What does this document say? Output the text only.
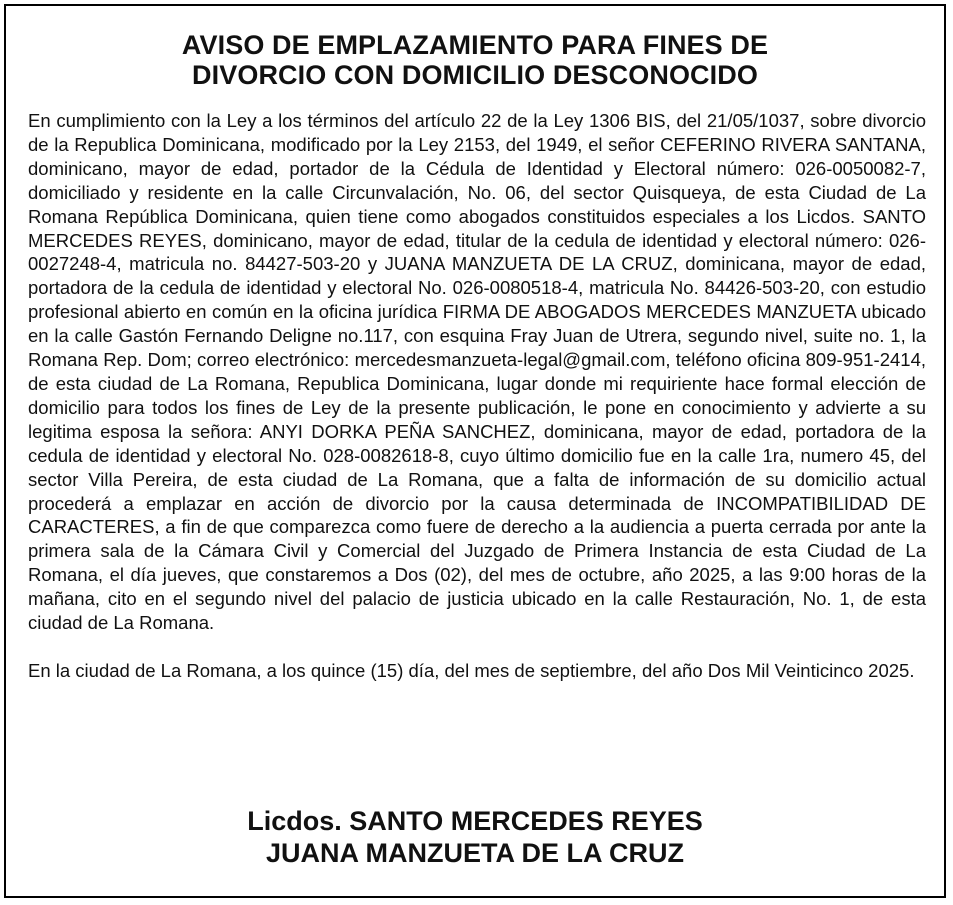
AVISO DE EMPLAZAMIENTO PARA FINES DE
DIVORCIO CON DOMICILIO DESCONOCIDO

En cumplimiento con la Ley a los términos del artículo 22 de la Ley 1306 BIS, del 21/05/1037, sobre divorcio de la Republica Dominicana, modificado por la Ley 2153, del 1949, el señor CEFERINO RIVERA SANTANA, dominicano, mayor de edad, portador de la Cédula de Identidad y Electoral número: 026-0050082-7, domiciliado y residente en la calle Circunvalación, No. 06, del sector Quisqueya, de esta Ciudad de La Romana República Dominicana, quien tiene como abogados constituidos especiales a los Licdos. SANTO MERCEDES REYES, dominicano, mayor de edad, titular de la cedula de identidad y electoral número: 026-0027248-4, matricula no. 84427-503-20 y JUANA MANZUETA DE LA CRUZ, dominicana, mayor de edad, portadora de la cedula de identidad y electoral No. 026-0080518-4, matricula No. 84426-503-20, con estudio profesional abierto en común en la oficina jurídica FIRMA DE ABOGADOS MERCEDES MANZUETA ubicado en la calle Gastón Fernando Deligne no.117, con esquina Fray Juan de Utrera, segundo nivel, suite no. 1, la Romana Rep. Dom; correo electrónico: mercedesmanzueta-legal@gmail.com, teléfono oficina 809-951-2414, de esta ciudad de La Romana, Republica Dominicana, lugar donde mi requiriente hace formal elección de domicilio para todos los fines de Ley de la presente publicación, le pone en conocimiento y advierte a su legitima esposa la señora: ANYI DORKA PEÑA SANCHEZ, dominicana, mayor de edad, portadora de la cedula de identidad y electoral No. 028-0082618-8, cuyo último domicilio fue en la calle 1ra, numero 45, del sector Villa Pereira, de esta ciudad de La Romana, que a falta de información de su domicilio actual procederá a emplazar en acción de divorcio por la causa determinada de INCOMPATIBILIDAD DE CARACTERES, a fin de que comparezca como fuere de derecho a la audiencia a puerta cerrada por ante la primera sala de la Cámara Civil y Comercial del Juzgado de Primera Instancia de esta Ciudad de La Romana, el día jueves, que constaremos a Dos (02), del mes de octubre, año 2025, a las 9:00 horas de la mañana, cito en el segundo nivel del palacio de justicia ubicado en la calle Restauración, No. 1, de esta ciudad de La Romana.

En la ciudad de La Romana, a los quince (15) día, del mes de septiembre, del año Dos Mil Veinticinco 2025.

Licdos. SANTO MERCEDES REYES
JUANA MANZUETA DE LA CRUZ
